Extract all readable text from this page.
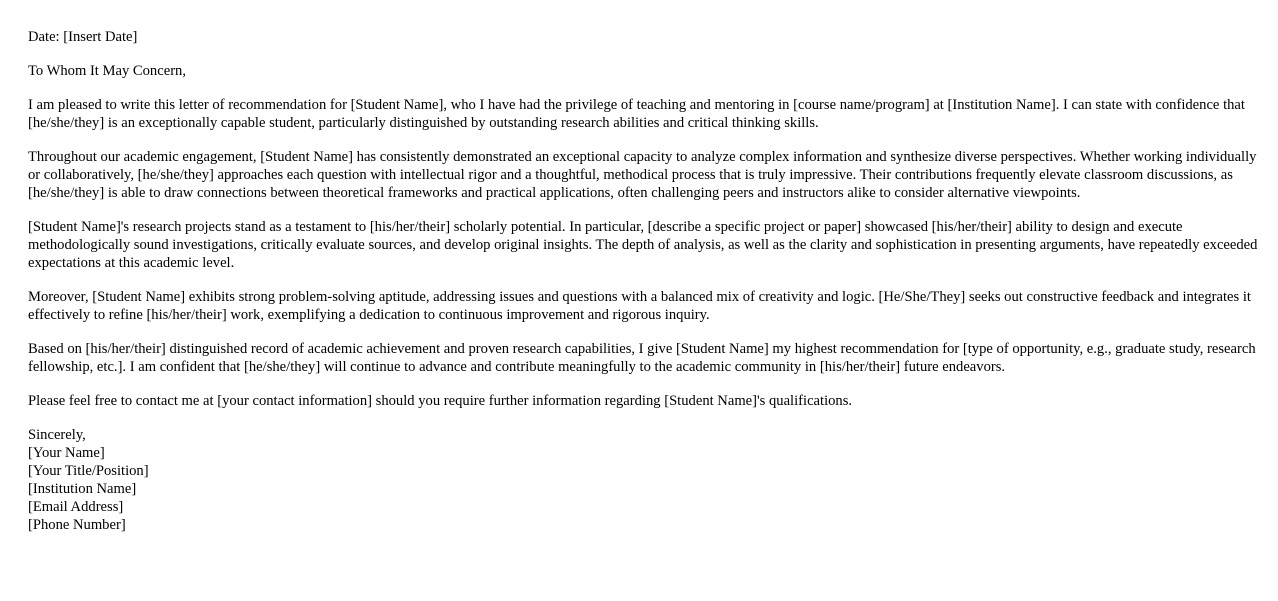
Date: [Insert Date]

To Whom It May Concern,

I am pleased to write this letter of recommendation for [Student Name], who I have had the privilege of teaching and mentoring in [course name/program] at [Institution Name]. I can state with confidence that [he/she/they] is an exceptionally capable student, particularly distinguished by outstanding research abilities and critical thinking skills.

Throughout our academic engagement, [Student Name] has consistently demonstrated an exceptional capacity to analyze complex information and synthesize diverse perspectives. Whether working individually or collaboratively, [he/she/they] approaches each question with intellectual rigor and a thoughtful, methodical process that is truly impressive. Their contributions frequently elevate classroom discussions, as [he/she/they] is able to draw connections between theoretical frameworks and practical applications, often challenging peers and instructors alike to consider alternative viewpoints.

[Student Name]'s research projects stand as a testament to [his/her/their] scholarly potential. In particular, [describe a specific project or paper] showcased [his/her/their] ability to design and execute methodologically sound investigations, critically evaluate sources, and develop original insights. The depth of analysis, as well as the clarity and sophistication in presenting arguments, have repeatedly exceeded expectations at this academic level.

Moreover, [Student Name] exhibits strong problem-solving aptitude, addressing issues and questions with a balanced mix of creativity and logic. [He/She/They] seeks out constructive feedback and integrates it effectively to refine [his/her/their] work, exemplifying a dedication to continuous improvement and rigorous inquiry.

Based on [his/her/their] distinguished record of academic achievement and proven research capabilities, I give [Student Name] my highest recommendation for [type of opportunity, e.g., graduate study, research fellowship, etc.]. I am confident that [he/she/they] will continue to advance and contribute meaningfully to the academic community in [his/her/their] future endeavors.

Please feel free to contact me at [your contact information] should you require further information regarding [Student Name]'s qualifications.

Sincerely,
[Your Name]
[Your Title/Position]
[Institution Name]
[Email Address]
[Phone Number]
